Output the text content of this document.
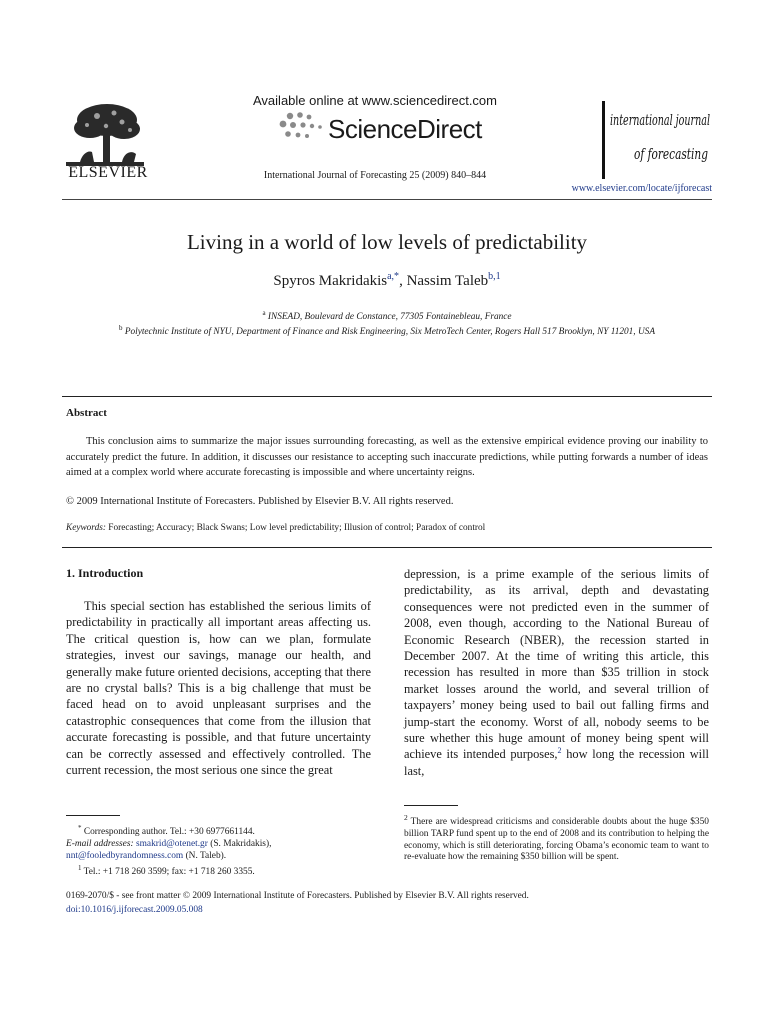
ELSEVIER
Available online at www.sciencedirect.com
ScienceDirect
International Journal of Forecasting 25 (2009) 840–844
international journal
of forecasting
www.elsevier.com/locate/ijforecast
Living in a world of low levels of predictability
Spyros Makridakis$^{a,*}$, Nassim Taleb$^{b,1}$
$^a$ INSEAD, Boulevard de Constance, 77305 Fontainebleau, France
$^b$ Polytechnic Institute of NYU, Department of Finance and Risk Engineering, Six MetroTech Center, Rogers Hall 517 Brooklyn, NY 11201, USA
Abstract
This conclusion aims to summarize the major issues surrounding forecasting, as well as the extensive empirical evidence proving our inability to accurately predict the future. In addition, it discusses our resistance to accepting such inaccurate predictions, while putting forwards a number of ideas aimed at a complex world where accurate forecasting is impossible and where uncertainty reigns.
© 2009 International Institute of Forecasters. Published by Elsevier B.V. All rights reserved.
Keywords: Forecasting; Accuracy; Black Swans; Low level predictability; Illusion of control; Paradox of control
1. Introduction
This special section has established the serious limits of predictability in practically all important areas affecting us. The critical question is, how can we plan, formulate strategies, invest our savings, manage our health, and generally make future oriented decisions, accepting that there are no crystal balls? This is a big challenge that must be faced head on to avoid unpleasant surprises and the catastrophic consequences that come from the illusion that accurate forecasting is possible, and that future uncertainty can be correctly assessed and effectively controlled. The current recession, the most serious one since the great
depression, is a prime example of the serious limits of predictability, as its arrival, depth and devastating consequences were not predicted even in the summer of 2008, even though, according to the National Bureau of Economic Research (NBER), the recession started in December 2007. At the time of writing this article, this recession has resulted in more than $35 trillion in stock market losses around the world, and several trillion of taxpayers’ money being used to bail out falling firms and jump-start the economy. Worst of all, nobody seems to be sure whether this huge amount of money being spent will achieve its intended purposes,$^2$ how long the recession will last,
* Corresponding author. Tel.: +30 6977661144.
E-mail addresses: smakrid@otenet.gr (S. Makridakis),
nnt@fooledbyrandomness.com (N. Taleb).
$^1$ Tel.: +1 718 260 3599; fax: +1 718 260 3355.
$^2$ There are widespread criticisms and considerable doubts about the huge $350 billion TARP fund spent up to the end of 2008 and its contribution to helping the economy, which is still deteriorating, forcing Obama’s economic team to want to re-evaluate how the remaining $350 billion will be spent.
0169-2070/$ - see front matter © 2009 International Institute of Forecasters. Published by Elsevier B.V. All rights reserved.
doi:10.1016/j.ijforecast.2009.05.008
